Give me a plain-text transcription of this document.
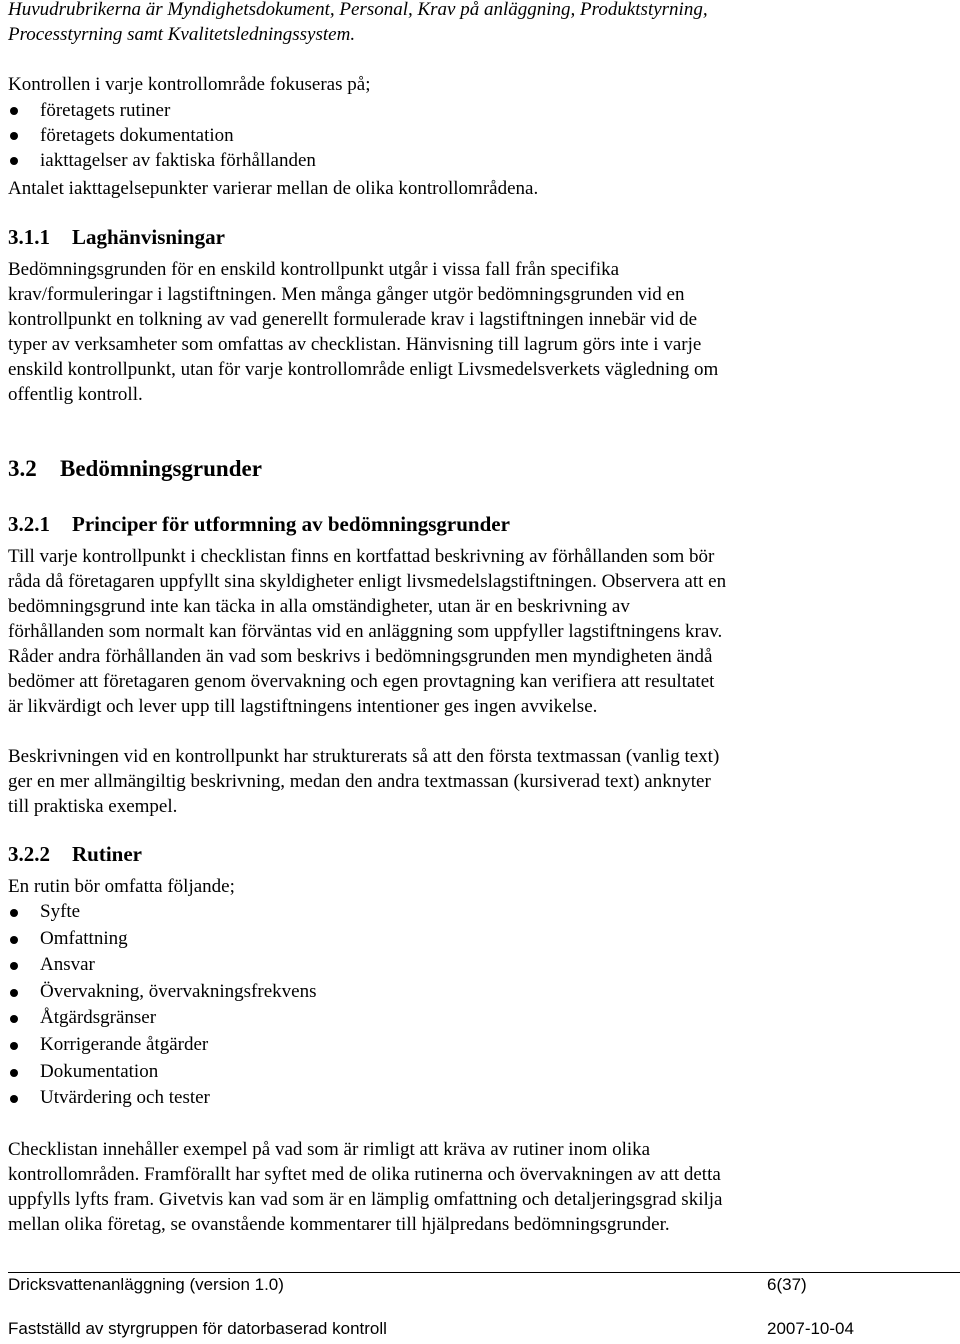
Huvudrubrikerna är Myndighetsdokument, Personal, Krav på anläggning, Produktstyrning,

Processtyrning samt Kvalitetsledningssystem.

Kontrollen i varje kontrollområde fokuseras på;

företagets rutiner
företagets dokumentation
iakttagelser av faktiska förhållanden

Antalet iakttagelsepunkter varierar mellan de olika kontrollområdena.

3.1.1 Laghänvisningar

Bedömningsgrunden för en enskild kontrollpunkt utgår i vissa fall från specifika

krav/formuleringar i lagstiftningen. Men många gånger utgör bedömningsgrunden vid en

kontrollpunkt en tolkning av vad generellt formulerade krav i lagstiftningen innebär vid de

typer av verksamheter som omfattas av checklistan. Hänvisning till lagrum görs inte i varje

enskild kontrollpunkt, utan för varje kontrollområde enligt Livsmedelsverkets vägledning om

offentlig kontroll.

3.2 Bedömningsgrunder
3.2.1 Principer för utformning av bedömningsgrunder

Till varje kontrollpunkt i checklistan finns en kortfattad beskrivning av förhållanden som bör

råda då företagaren uppfyllt sina skyldigheter enligt livsmedelslagstiftningen. Observera att en

bedömningsgrund inte kan täcka in alla omständigheter, utan är en beskrivning av

förhållanden som normalt kan förväntas vid en anläggning som uppfyller lagstiftningens krav.

Råder andra förhållanden än vad som beskrivs i bedömningsgrunden men myndigheten ändå

bedömer att företagaren genom övervakning och egen provtagning kan verifiera att resultatet

är likvärdigt och lever upp till lagstiftningens intentioner ges ingen avvikelse.

Beskrivningen vid en kontrollpunkt har strukturerats så att den första textmassan (vanlig text)

ger en mer allmängiltig beskrivning, medan den andra textmassan (kursiverad text) anknyter

till praktiska exempel.

3.2.2 Rutiner

En rutin bör omfatta följande;

Syfte
Omfattning
Ansvar
Övervakning, övervakningsfrekvens
Åtgärdsgränser
Korrigerande åtgärder
Dokumentation
Utvärdering och tester

Checklistan innehåller exempel på vad som är rimligt att kräva av rutiner inom olika

kontrollområden. Framförallt har syftet med de olika rutinerna och övervakningen av att detta

uppfylls lyfts fram. Givetvis kan vad som är en lämplig omfattning och detaljeringsgrad skilja

mellan olika företag, se ovanstående kommentarer till hjälpredans bedömningsgrunder.

Dricksvattenanläggning (version 1.0)	6(37)
Fastställd av styrgruppen för datorbaserad kontroll	2007-10-04
